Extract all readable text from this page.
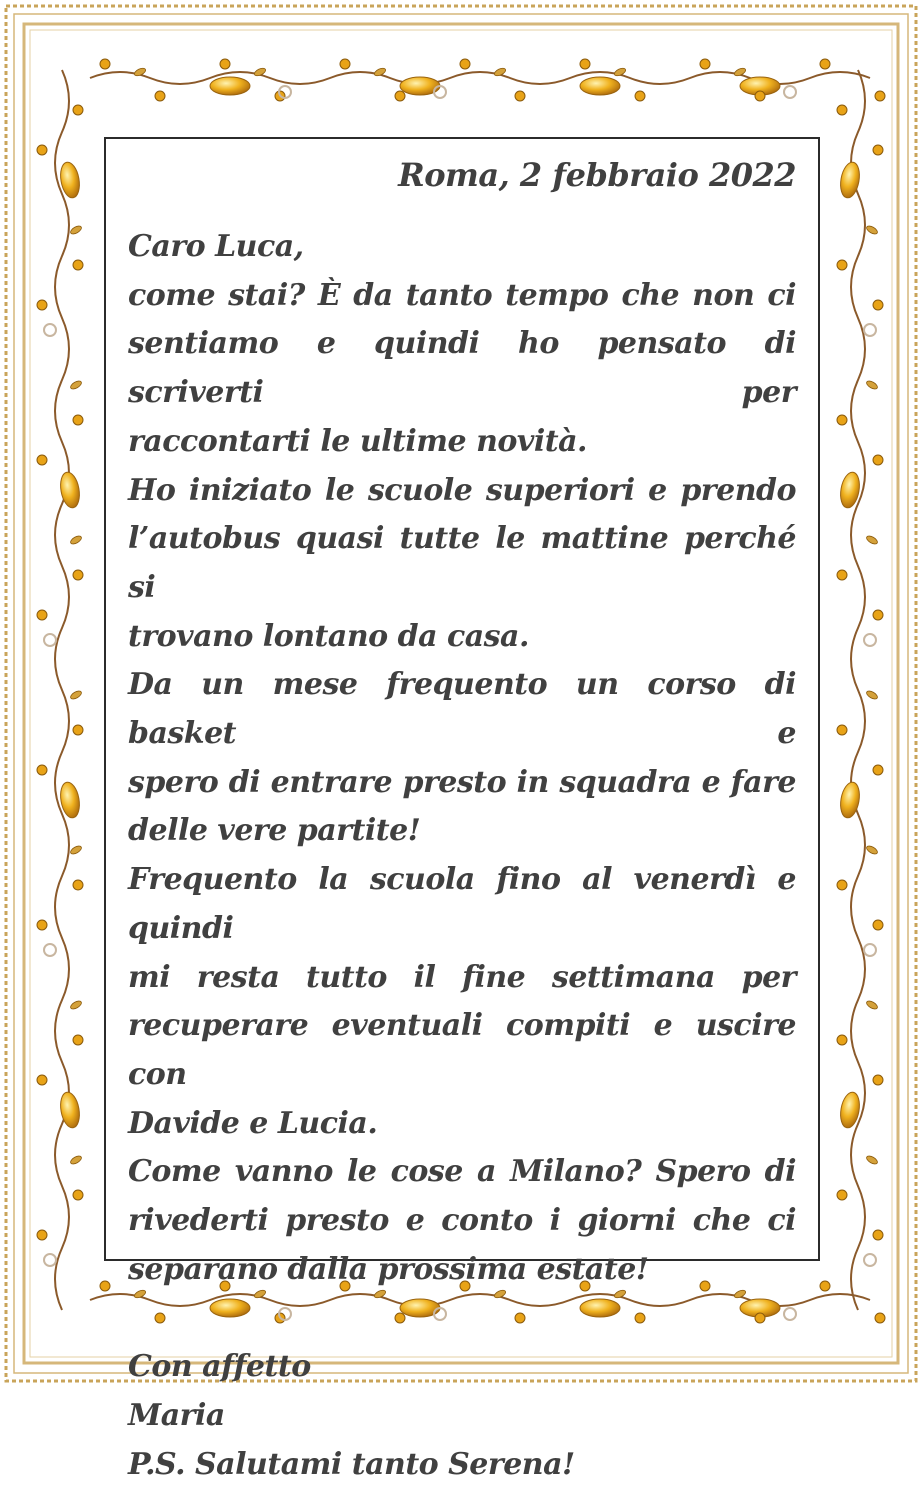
Roma, 2 febbraio 2022
Caro Luca,
come stai? È da tanto tempo che non ci
sentiamo e quindi ho pensato di scriverti per
raccontarti le ultime novità.
Ho iniziato le scuole superiori e prendo
l’autobus quasi tutte le mattine perché si
trovano lontano da casa.
Da un mese frequento un corso di basket e
spero di entrare presto in squadra e fare
delle vere partite!
Frequento la scuola fino al venerdì e quindi
mi resta tutto il fine settimana per
recuperare eventuali compiti e uscire con
Davide e Lucia.
Come vanno le cose a Milano? Spero di
rivederti presto e conto i giorni che ci
separano dalla prossima estate!
Con affetto
Maria
P.S. Salutami tanto Serena!
